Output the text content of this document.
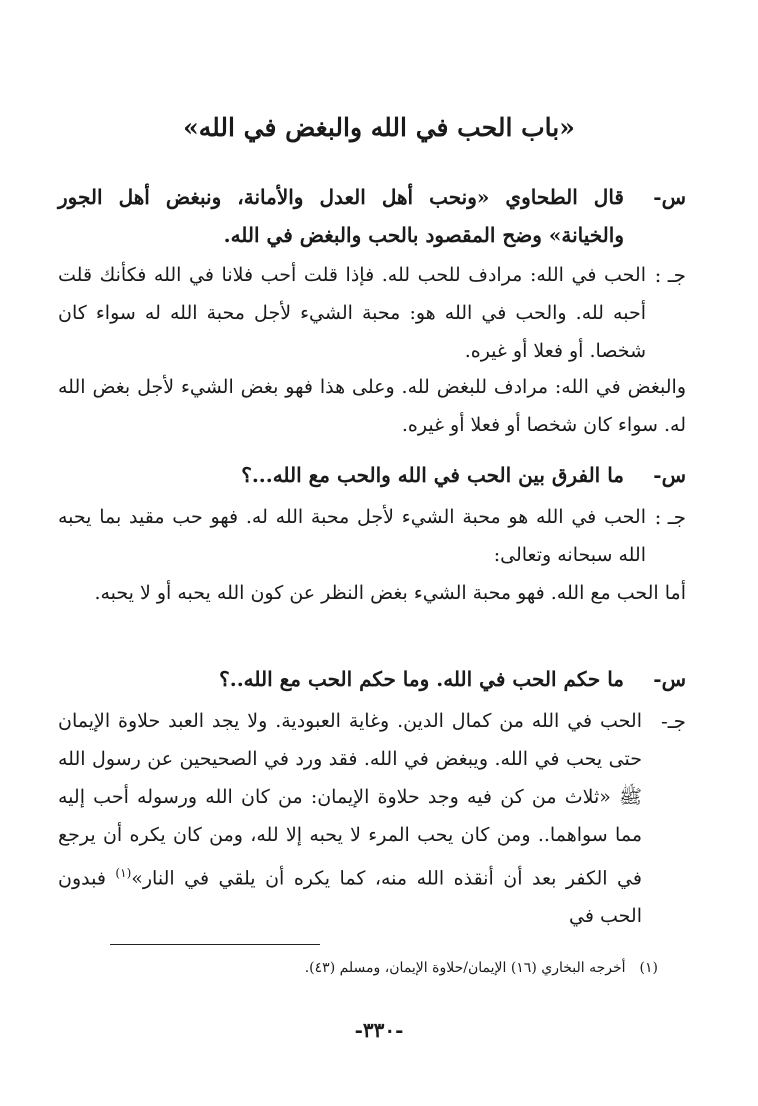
«باب الحب في الله والبغض في الله»
س-
قال الطحاوي «ونحب أهل العدل والأمانة، ونبغض أهل الجور والخيانة» وضح المقصود بالحب والبغض في الله.
جـ :
الحب في الله: مرادف للحب لله. فإذا قلت أحب فلانا في الله فكأنك قلت أحبه لله. والحب في الله هو: محبة الشيء لأجل محبة الله له سواء كان شخصا. أو فعلا أو غيره.
والبغض في الله: مرادف للبغض لله. وعلى هذا فهو بغض الشيء لأجل بغض الله له. سواء كان شخصا أو فعلا أو غيره.
س-
ما الفرق بين الحب في الله والحب مع الله...؟
جـ :
الحب في الله هو محبة الشيء لأجل محبة الله له. فهو حب مقيد بما يحبه الله سبحانه وتعالى:
أما الحب مع الله. فهو محبة الشيء بغض النظر عن كون الله يحبه أو لا يحبه.
س-
ما حكم الحب في الله. وما حكم الحب مع الله..؟
جـ-
الحب في الله من كمال الدين. وغاية العبودية. ولا يجد العبد حلاوة الإيمان حتى يحب في الله. ويبغض في الله. فقد ورد في الصحيحين عن رسول الله ﷺ «ثلاث من كن فيه وجد حلاوة الإيمان: من كان الله ورسوله أحب إليه مما سواهما.. ومن كان يحب المرء لا يحبه إلا لله، ومن كان يكره أن يرجع في الكفر بعد أن أنقذه الله منه، كما يكره أن يلقي في النار»$^{(١)}$ فبدون الحب في
(١)أخرجه البخاري (١٦) الإيمان/حلاوة الإيمان، ومسلم (٤٣).
-٣٣٠-
